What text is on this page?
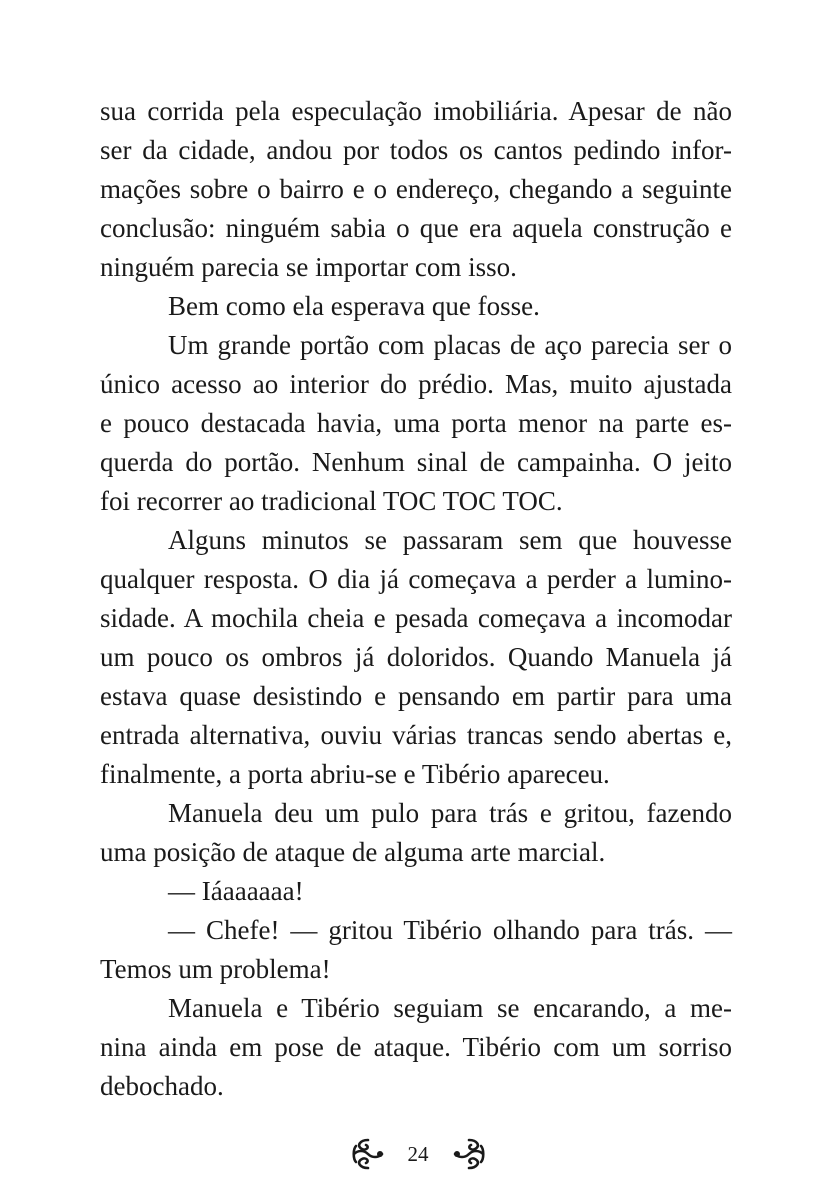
sua corrida pela especulação imobiliária. Apesar de não
ser da cidade, andou por todos os cantos pedindo infor-
mações sobre o bairro e o endereço, chegando a seguinte
conclusão: ninguém sabia o que era aquela construção e
ninguém parecia se importar com isso.
Bem como ela esperava que fosse.
Um grande portão com placas de aço parecia ser o
único acesso ao interior do prédio. Mas, muito ajustada
e pouco destacada havia, uma porta menor na parte es-
querda do portão. Nenhum sinal de campainha. O jeito
foi recorrer ao tradicional TOC TOC TOC.
Alguns minutos se passaram sem que houvesse
qualquer resposta. O dia já começava a perder a lumino-
sidade. A mochila cheia e pesada começava a incomodar
um pouco os ombros já doloridos. Quando Manuela já
estava quase desistindo e pensando em partir para uma
entrada alternativa, ouviu várias trancas sendo abertas e,
finalmente, a porta abriu-se e Tibério apareceu.
Manuela deu um pulo para trás e gritou, fazendo
uma posição de ataque de alguma arte marcial.
— Iáaaaaaa!
— Chefe! — gritou Tibério olhando para trás. —
Temos um problema!
Manuela e Tibério seguiam se encarando, a me-
nina ainda em pose de ataque. Tibério com um sorriso
debochado.
24
